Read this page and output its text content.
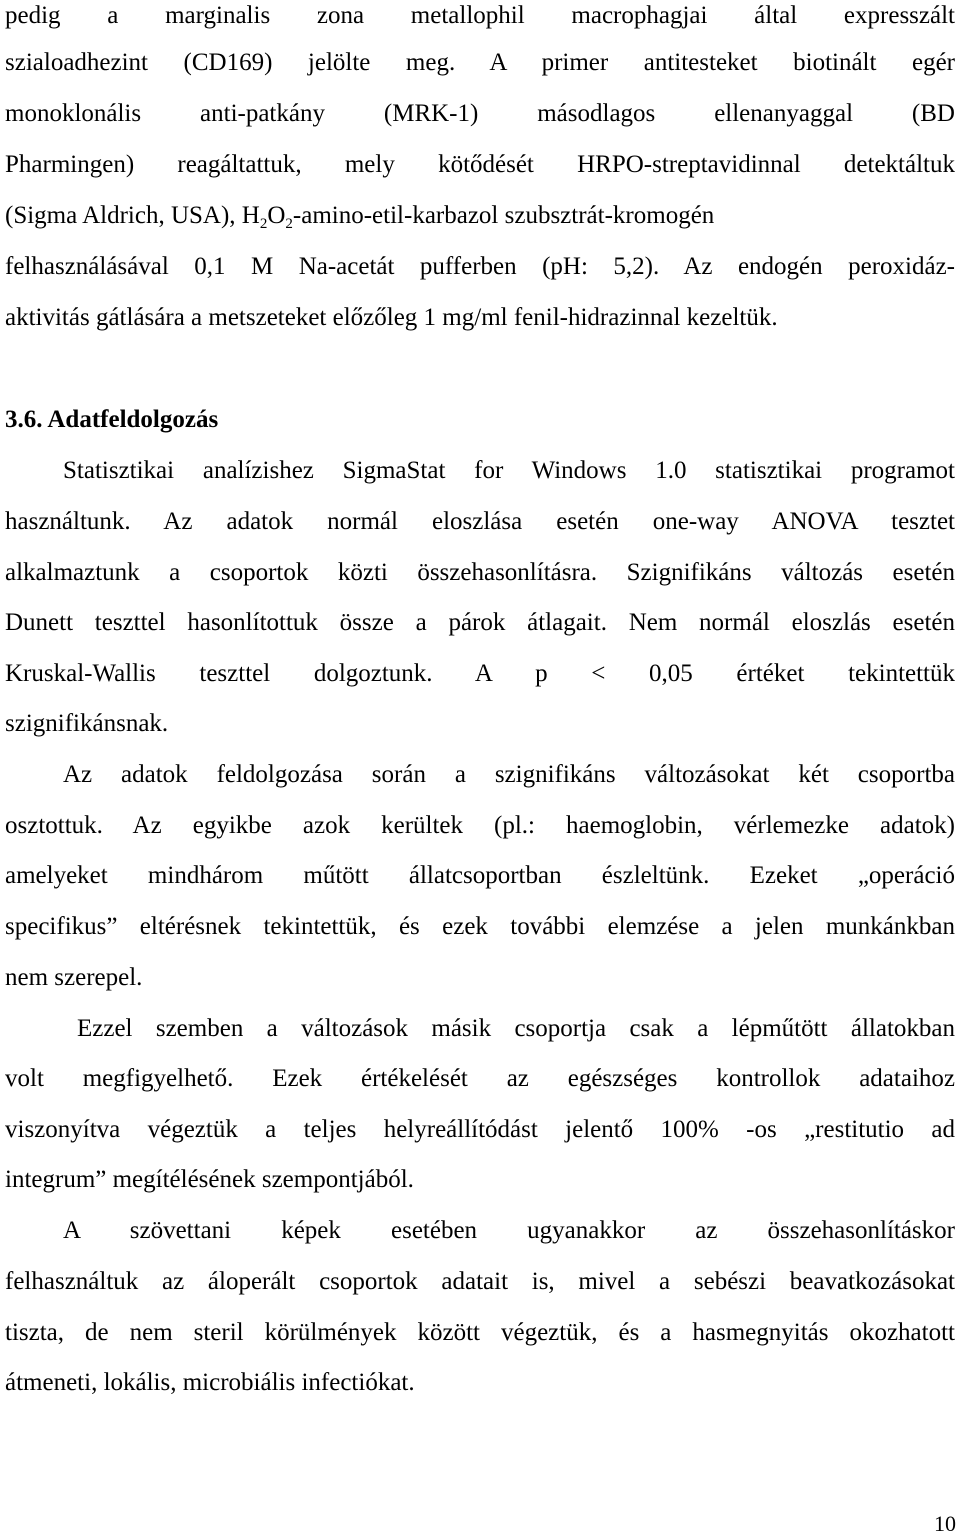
pedig a marginalis zona metallophil macrophagjai által expresszált
szialoadhezint (CD169) jelölte meg. A primer antitesteket biotinált egér
monoklonális anti-patkány (MRK-1) másodlagos ellenanyaggal (BD
Pharmingen) reagáltattuk, mely kötődését HRPO-streptavidinnal detektáltuk
(Sigma Aldrich, USA), $H_2O_2-amino-etil$-karbazol szubsztrát-kromogén
felhasználásával 0,1 M Na-acetát pufferben (pH: 5,2). Az endogén peroxidáz-
aktivitás gátlására a metszeteket előzőleg 1 mg/ml fenil-hidrazinnal kezeltük.
3.6. Adatfeldolgozás
Statisztikai analízishez SigmaStat for Windows 1.0 statisztikai programot
használtunk. Az adatok normál eloszlása esetén one-way ANOVA tesztet
alkalmaztunk a csoportok közti összehasonlításra. Szignifikáns változás esetén
Dunett teszttel hasonlítottuk össze a párok átlagait. Nem normál eloszlás esetén
Kruskal-Wallis teszttel dolgoztunk. A p < 0,05 értéket tekintettük
szignifikánsnak.
Az adatok feldolgozása során a szignifikáns változásokat két csoportba
osztottuk. Az egyikbe azok kerültek (pl.: haemoglobin, vérlemezke adatok)
amelyeket mindhárom műtött állatcsoportban észleltünk. Ezeket „operáció
specifikus” eltérésnek tekintettük, és ezek további elemzése a jelen munkánkban
nem szerepel.
Ezzel szemben a változások másik csoportja csak a lépműtött állatokban
volt megfigyelhető. Ezek értékelését az egészséges kontrollok adataihoz
viszonyítva végeztük a teljes helyreállítódást jelentő 100% -os „restitutio ad
integrum” megítélésének szempontjából.
A szövettani képek esetében ugyanakkor az összehasonlításkor
felhasználtuk az áloperált csoportok adatait is, mivel a sebészi beavatkozásokat
tiszta, de nem steril körülmények között végeztük, és a hasmegnyitás okozhatott
átmeneti, lokális, microbiális infectiókat.
10
